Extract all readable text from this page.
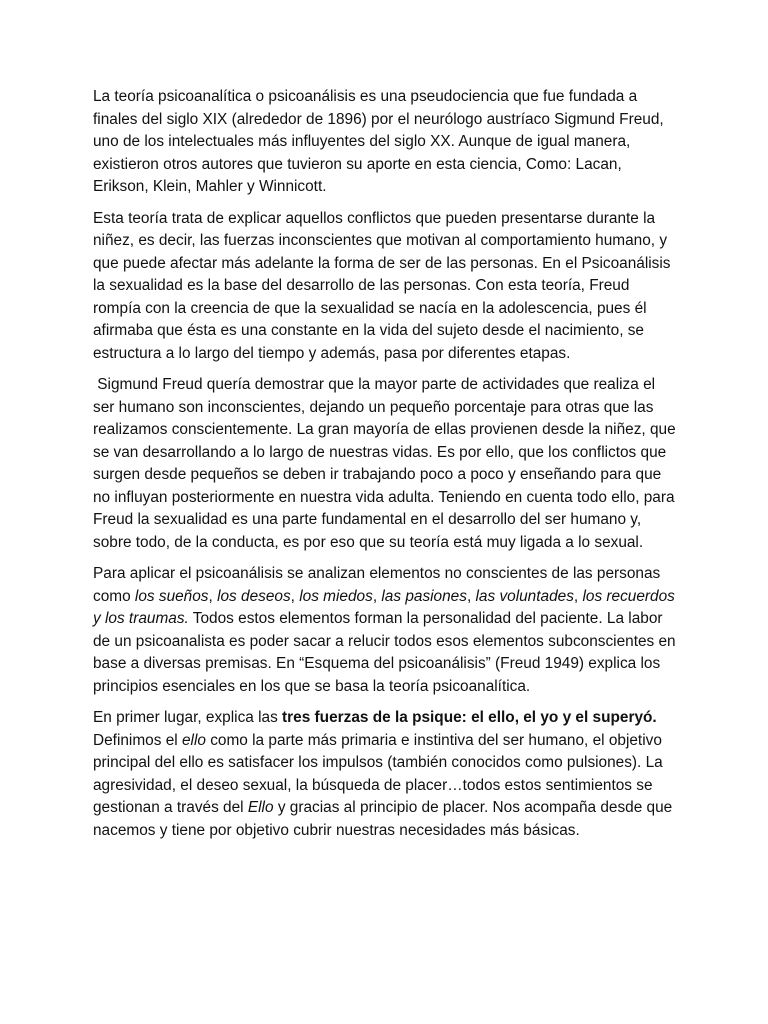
La teoría psicoanalítica o psicoanálisis es una pseudociencia que fue fundada a finales del siglo XIX (alrededor de 1896) por el neurólogo austríaco Sigmund Freud, uno de los intelectuales más influyentes del siglo XX. Aunque de igual manera, existieron otros autores que tuvieron su aporte en esta ciencia, Como: Lacan, Erikson, Klein, Mahler y Winnicott.

Esta teoría trata de explicar aquellos conflictos que pueden presentarse durante la niñez, es decir, las fuerzas inconscientes que motivan al comportamiento humano, y que puede afectar más adelante la forma de ser de las personas. En el Psicoanálisis la sexualidad es la base del desarrollo de las personas. Con esta teoría, Freud rompía con la creencia de que la sexualidad se nacía en la adolescencia, pues él afirmaba que ésta es una constante en la vida del sujeto desde el nacimiento, se estructura a lo largo del tiempo y además, pasa por diferentes etapas.

Sigmund Freud quería demostrar que la mayor parte de actividades que realiza el ser humano son inconscientes, dejando un pequeño porcentaje para otras que las realizamos conscientemente. La gran mayoría de ellas provienen desde la niñez, que se van desarrollando a lo largo de nuestras vidas. Es por ello, que los conflictos que surgen desde pequeños se deben ir trabajando poco a poco y enseñando para que no influyan posteriormente en nuestra vida adulta. Teniendo en cuenta todo ello, para Freud la sexualidad es una parte fundamental en el desarrollo del ser humano y, sobre todo, de la conducta, es por eso que su teoría está muy ligada a lo sexual.

Para aplicar el psicoanálisis se analizan elementos no conscientes de las personas como los sueños, los deseos, los miedos, las pasiones, las voluntades, los recuerdos y los traumas. Todos estos elementos forman la personalidad del paciente. La labor de un psicoanalista es poder sacar a relucir todos esos elementos subconscientes en base a diversas premisas. En “Esquema del psicoanálisis” (Freud 1949) explica los principios esenciales en los que se basa la teoría psicoanalítica.

En primer lugar, explica las tres fuerzas de la psique: el ello, el yo y el superyó. Definimos el ello como la parte más primaria e instintiva del ser humano, el objetivo principal del ello es satisfacer los impulsos (también conocidos como pulsiones). La agresividad, el deseo sexual, la búsqueda de placer…todos estos sentimientos se gestionan a través del Ello y gracias al principio de placer. Nos acompaña desde que nacemos y tiene por objetivo cubrir nuestras necesidades más básicas.
